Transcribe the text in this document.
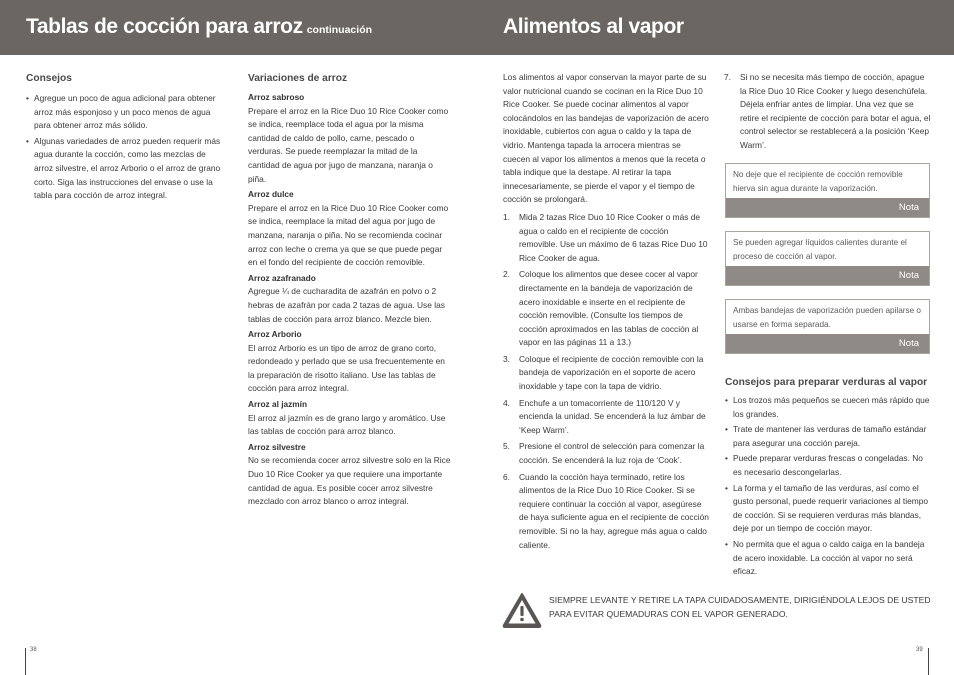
Tablas de cocción para arroz continuación	Alimentos al vapor
Consejos
• Agregue un poco de agua adicional para obtener arroz más esponjoso y un poco menos de agua para obtener arroz más sólido.
• Algunas variedades de arroz pueden requerir más agua durante la cocción, como las mezclas de arroz silvestre, el arroz Arborio o el arroz de grano corto. Siga las instrucciones del envase o use la tabla para cocción de arroz integral.
Variaciones de arroz
Arroz sabroso
Prepare el arroz en la Rice Duo 10 Rice Cooker como se indica, reemplace toda el agua por la misma cantidad de caldo de pollo, carne, pescado o verduras. Se puede reemplazar la mitad de la cantidad de agua por jugo de manzana, naranja o piña.
Arroz dulce
Prepare el arroz en la Rice Duo 10 Rice Cooker como se indica, reemplace la mitad del agua por jugo de manzana, naranja o piña. No se recomienda cocinar arroz con leche o crema ya que se que puede pegar en el fondo del recipiente de cocción removible.
Arroz azafranado
Agregue ¼ de cucharadita de azafrán en polvo o 2 hebras de azafrán por cada 2 tazas de agua. Use las tablas de cocción para arroz blanco. Mezcle bien.
Arroz Arborio
El arroz Arborio es un tipo de arroz de grano corto, redondeado y perlado que se usa frecuentemente en la preparación de risotto italiano. Use las tablas de cocción para arroz integral.
Arroz al jazmín
El arroz al jazmín es de grano largo y aromático. Use las tablas de cocción para arroz blanco.
Arroz silvestre
No se recomienda cocer arroz silvestre solo en la Rice Duo 10 Rice Cooker ya que requiere una importante cantidad de agua. Es posible cocer arroz silvestre mezclado con arroz blanco o arroz integral.
Los alimentos al vapor conservan la mayor parte de su valor nutricional cuando se cocinan en la Rice Duo 10 Rice Cooker. Se puede cocinar alimentos al vapor colocándolos en las bandejas de vaporización de acero inoxidable, cubiertos con agua o caldo y la tapa de vidrio. Mantenga tapada la arrocera mientras se cuecen al vapor los alimentos a menos que la receta o tabla indique que la destape. Al retirar la tapa innecesariamente, se pierde el vapor y el tiempo de cocción se prolongará.
1. Mida 2 tazas Rice Duo 10 Rice Cooker o más de agua o caldo en el recipiente de cocción removible. Use un máximo de 6 tazas Rice Duo 10 Rice Cooker de agua.
2. Coloque los alimentos que desee cocer al vapor directamente en la bandeja de vaporización de acero inoxidable e inserte en el recipiente de cocción removible. (Consulte los tiempos de cocción aproximados en las tablas de cocción al vapor en las páginas 11 a 13.)
3. Coloque el recipiente de cocción removible con la bandeja de vaporización en el soporte de acero inoxidable y tape con la tapa de vidrio.
4. Enchufe a un tomacorriente de 110/120 V y encienda la unidad. Se encenderá la luz ámbar de ‘Keep Warm’.
5. Presione el control de selección para comenzar la cocción. Se encenderá la luz roja de ‘Cook’.
6. Cuando la cocción haya terminado, retire los alimentos de la Rice Duo 10 Rice Cooker. Si se requiere continuar la cocción al vapor, asegúrese de haya suficiente agua en el recipiente de cocción removible. Si no la hay, agregue más agua o caldo caliente.
7. Si no se necesita más tiempo de cocción, apague la Rice Duo 10 Rice Cooker y luego desenchúfela. Déjela enfriar antes de limpiar. Una vez que se retire el recipiente de cocción para botar el agua, el control selector se restablecerá a la posición ‘Keep Warm’.
No deje que el recipiente de cocción removible hierva sin agua durante la vaporización.
Nota
Se pueden agregar líquidos calientes durante el proceso de cocción al vapor.
Nota
Ambas bandejas de vaporización pueden apilarse o usarse en forma separada.
Nota
Consejos para preparar verduras al vapor
• Los trozos más pequeños se cuecen más rápido que los grandes.
• Trate de mantener las verduras de tamaño estándar para asegurar una cocción pareja.
• Puede preparar verduras frescas o congeladas. No es necesario descongelarlas.
• La forma y el tamaño de las verduras, así como el gusto personal, puede requerir variaciones al tiempo de cocción. Si se requieren verduras más blandas, deje por un tiempo de cocción mayor.
• No permita que el agua o caldo caiga en la bandeja de acero inoxidable. La cocción al vapor no será eficaz.
SIEMPRE LEVANTE Y RETIRE LA TAPA CUIDADOSAMENTE, DIRIGIÉNDOLA LEJOS DE USTED PARA EVITAR QUEMADURAS CON EL VAPOR GENERADO.
38	39
